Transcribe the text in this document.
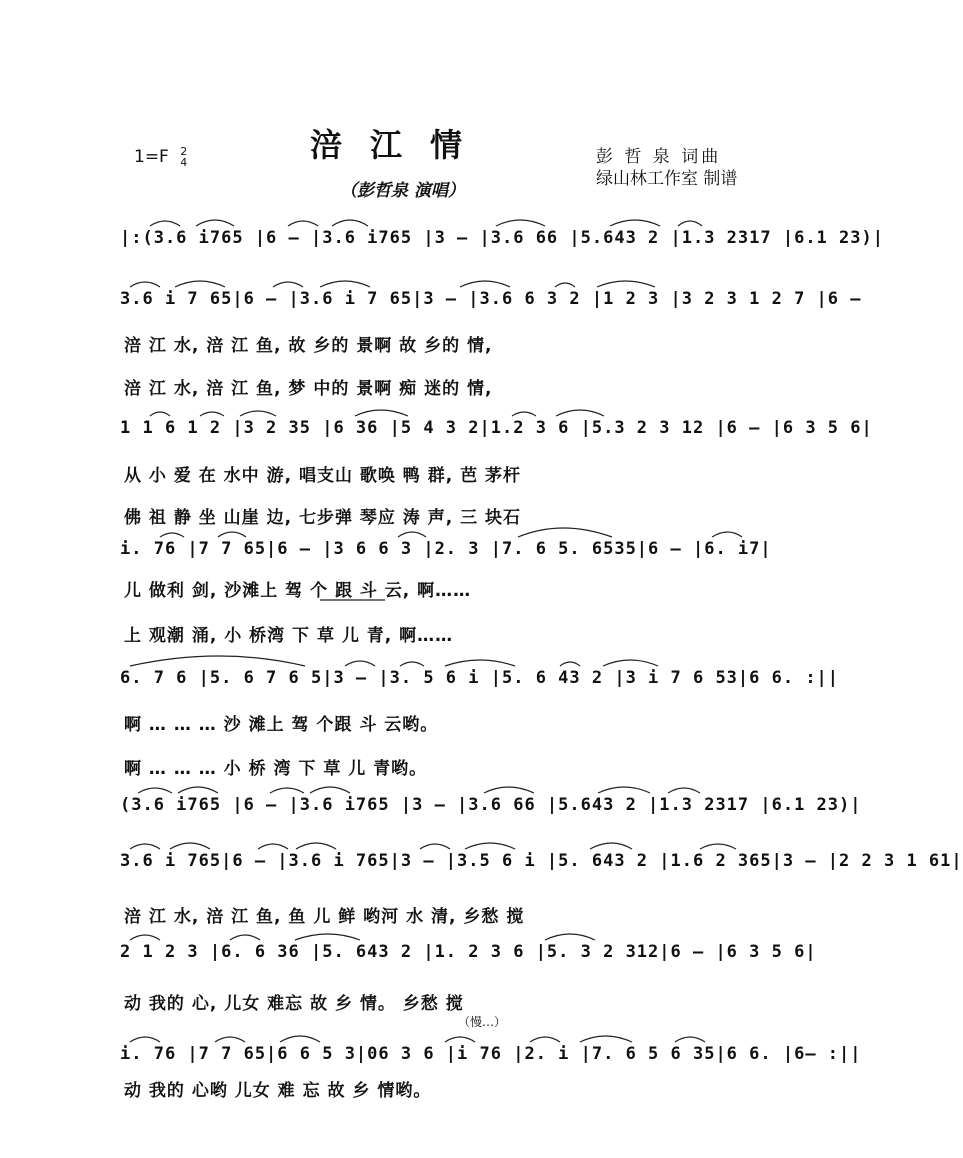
1=F 2
4	涪江情
（彭哲泉 演唱）
彭 哲 泉 词曲
绿山林工作室 制谱
|:(3.6 i765 |6 – |3.6 i765 |3 – |3.6 66 |5.643 2 |1.3 2317 |6.1 23)|
3.6 i 7 65|6 – |3.6 i 7 65|3 – |3.6 6 3 2 |1 2 3 |3 2 3 1 2 7 |6 –
1 1 6 1 2 |3 2 35 |6 36 |5 4 3 2|1.2 3 6 |5.3 2 3 12 |6 – |6 3 5 6|
i. 76 |7 7 65|6 – |3 6 6 3 |2. 3 |7. 6 5. 6535|6 – |6. i7|
6. 7 6 |5. 6 7 6 5|3 – |3. 5 6 i |5. 6 43 2 |3 i 7 6 53|6 6. :||
(3.6 i765 |6 – |3.6 i765 |3 – |3.6 66 |5.643 2 |1.3 2317 |6.1 23)|
3.6 i 765|6 – |3.6 i 765|3 – |3.5 6 i |5. 643 2 |1.6 2 365|3 – |2 2 3 1 61|
2 1 2 3 |6. 6 36 |5. 643 2 |1. 2 3 6 |5. 3 2 312|6 – |6 3 5 6|
i. 76 |7 7 65|6 6 5 3|06 3 6 |i 76 |2. i |7. 6 5 6 35|6 6. |6– :||
涪 江 水, 涪 江 鱼, 故 乡的 景啊 故 乡的 情,
涪 江 水, 涪 江 鱼, 梦 中的 景啊 痴 迷的 情,
从 小 爱 在 水中 游, 唱支山 歌唤 鸭 群, 芭 茅杆
佛 祖 静 坐 山崖 边, 七步弹 琴应 涛 声, 三 块石
儿 做利 剑, 沙滩上 驾 个 跟 斗 云, 啊……
上 观潮 涌, 小 桥湾 下 草 儿 青, 啊……
啊 … … … 沙 滩上 驾 个跟 斗 云哟。
啊 … … … 小 桥 湾 下 草 儿 青哟。
涪 江 水, 涪 江 鱼, 鱼 儿 鲜 哟河 水 清, 乡愁 搅
动 我的 心, 儿女 难忘 故 乡 情。 乡愁 搅
动 我的 心哟 儿女 难 忘 故 乡 情哟。
（慢…）
